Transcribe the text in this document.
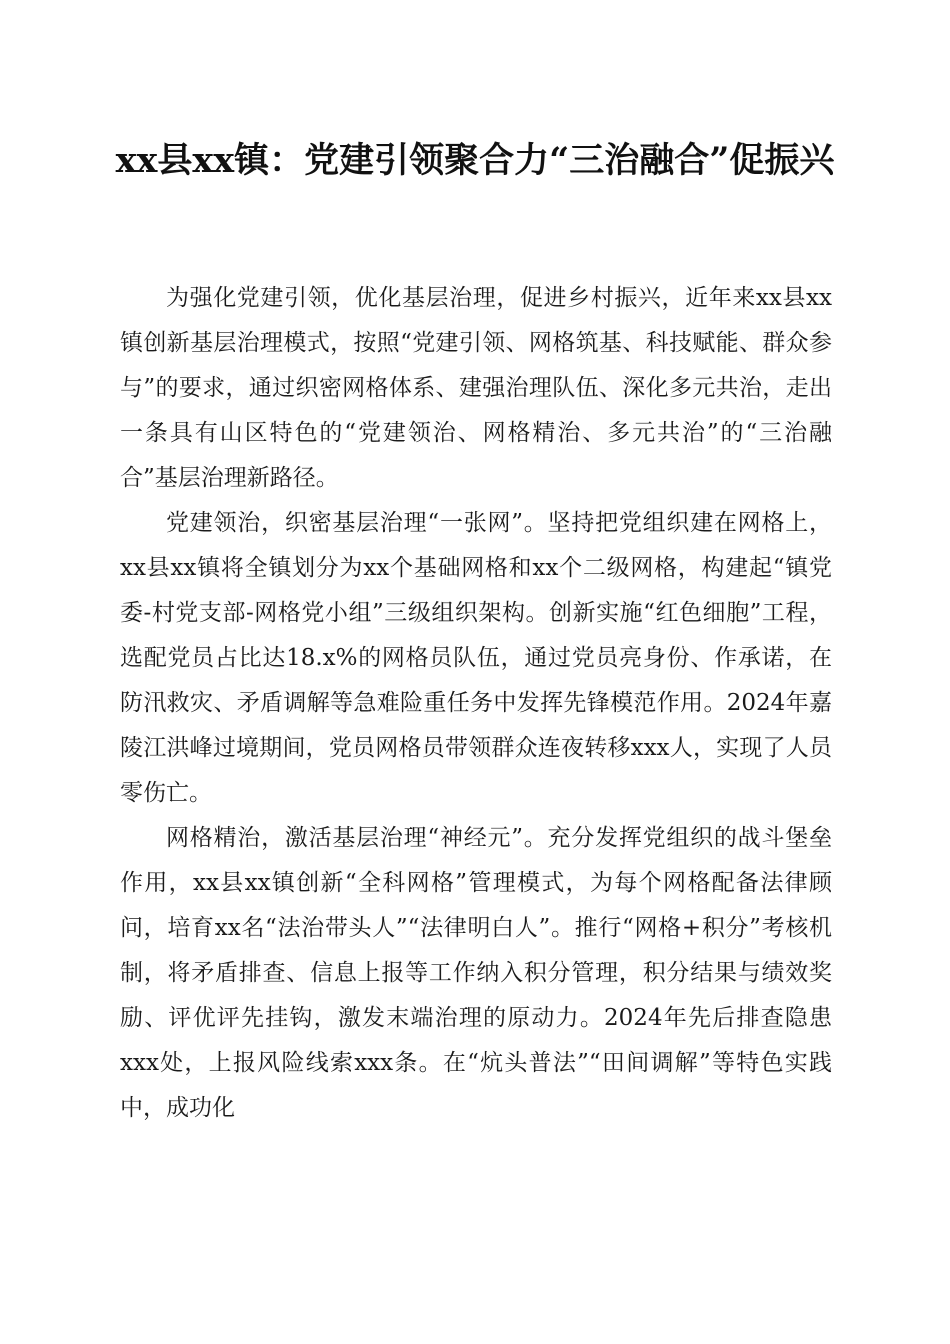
xx县xx镇：党建引领聚合力“三治融合”促振兴

为强化党建引领，优化基层治理，促进乡村振兴，近年来xx县xx镇创新基层治理模式，按照“党建引领、网格筑基、科技赋能、群众参与”的要求，通过织密网格体系、建强治理队伍、深化多元共治，走出一条具有山区特色的“党建领治、网格精治、多元共治”的“三治融合”基层治理新路径。

党建领治，织密基层治理“一张网”。坚持把党组织建在网格上，xx县xx镇将全镇划分为xx个基础网格和xx个二级网格，构建起“镇党委-村党支部-网格党小组”三级组织架构。创新实施“红色细胞”工程，选配党员占比达18.x%的网格员队伍，通过党员亮身份、作承诺，在防汛救灾、矛盾调解等急难险重任务中发挥先锋模范作用。2024年嘉陵江洪峰过境期间，党员网格员带领群众连夜转移xxx人，实现了人员零伤亡。

网格精治，激活基层治理“神经元”。充分发挥党组织的战斗堡垒作用，xx县xx镇创新“全科网格”管理模式，为每个网格配备法律顾问，培育xx名“法治带头人”“法律明白人”。推行“网格+积分”考核机制，将矛盾排查、信息上报等工作纳入积分管理，积分结果与绩效奖励、评优评先挂钩，激发末端治理的原动力。2024年先后排查隐患xxx处，上报风险线索xxx条。在“炕头普法”“田间调解”等特色实践中，成功化
